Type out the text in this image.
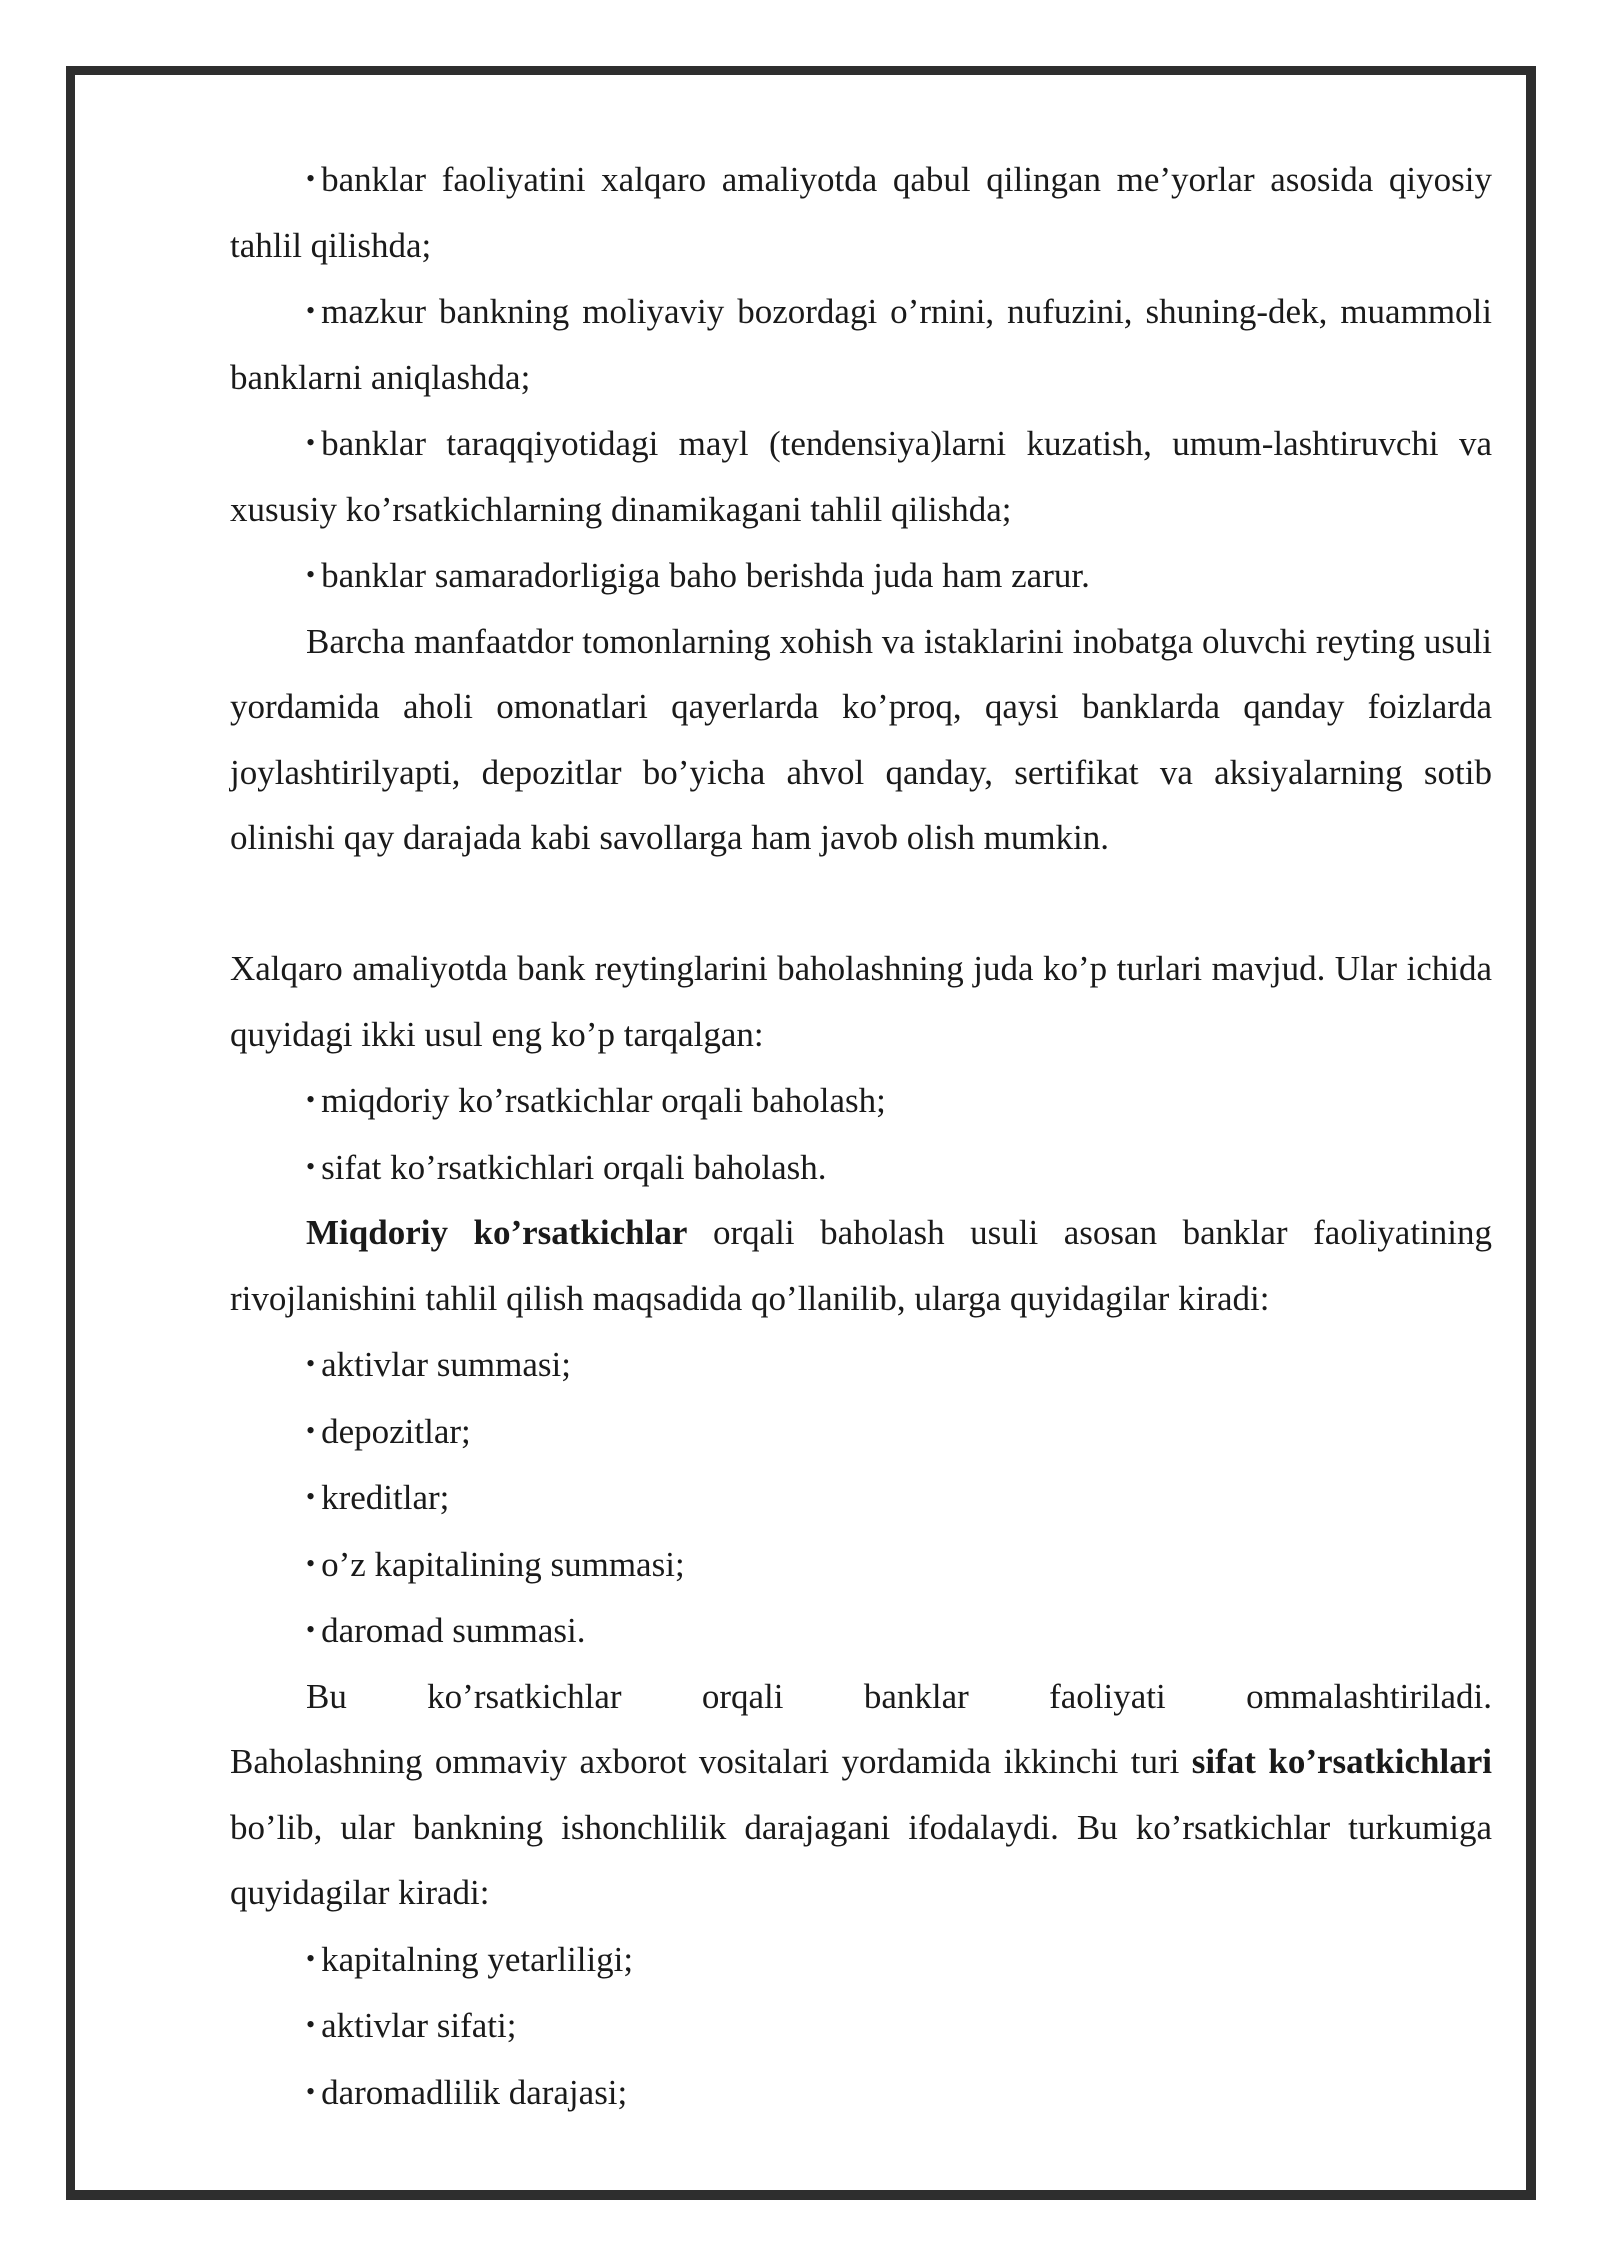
• banklar faoliyatini xalqaro amaliyotda qabul qilingan me’yorlar asosida qiyosiy tahlil qilishda;

• mazkur bankning moliyaviy bozordagi o’rnini, nufuzini, shuning-dek, muammoli banklarni aniqlashda;

• banklar taraqqiyotidagi mayl (tendensiya)larni kuzatish, umum-lashtiruvchi va xususiy ko’rsatkichlarning dinamikagani tahlil qilishda;

• banklar samaradorligiga baho berishda juda ham zarur.

Barcha manfaatdor tomonlarning xohish va istaklarini inobatga oluvchi reyting usuli yordamida aholi omonatlari qayerlarda ko’proq, qaysi banklarda qanday foizlarda joylashtirilyapti, depozitlar bo’yicha ahvol qanday, sertifikat va aksiyalarning sotib olinishi qay darajada kabi savollarga ham javob olish mumkin.

Xalqaro amaliyotda bank reytinglarini baholashning juda ko’p turlari mavjud. Ular ichida quyidagi ikki usul eng ko’p tarqalgan:

• miqdoriy ko’rsatkichlar orqali baholash;

• sifat ko’rsatkichlari orqali baholash.

Miqdoriy ko’rsatkichlar orqali baholash usuli asosan banklar faoliyatining rivojlanishini tahlil qilish maqsadida qo’llanilib, ularga quyidagilar kiradi:

• aktivlar summasi;

• depozitlar;

• kreditlar;

• o’z kapitalining summasi;

• daromad summasi.

Bu ko’rsatkichlar orqali banklar faoliyati ommalashtiriladi.

Baholashning ommaviy axborot vositalari yordamida ikkinchi turi sifat ko’rsatkichlari bo’lib, ular bankning ishonchlilik darajagani ifodalaydi. Bu ko’rsatkichlar turkumiga quyidagilar kiradi:

• kapitalning yetarliligi;

• aktivlar sifati;

• daromadlilik darajasi;
